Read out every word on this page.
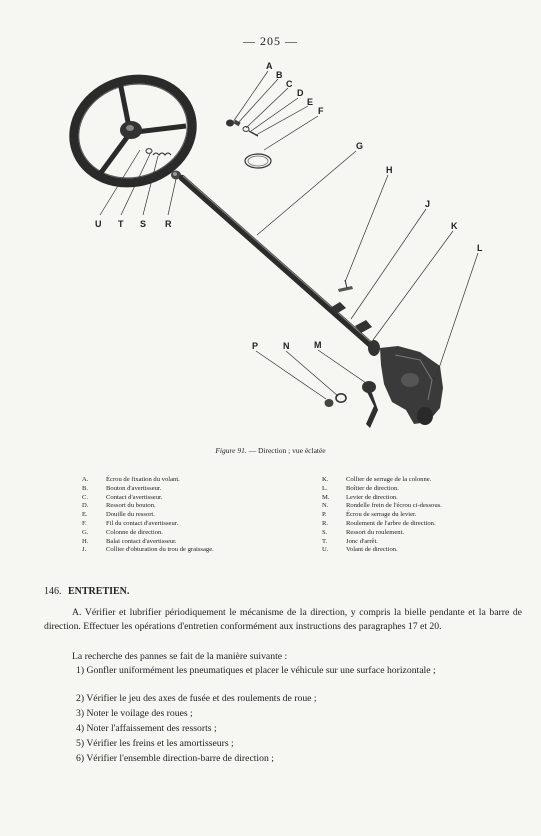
— 205 —
A
B
C
D
E
F
G
H
J
K
L
P	N	M
U T S R
Figure 91. — Direction ; vue éclatée
A.	Écrou de fixation du volant.
B.	Bouton d'avertisseur.
C.	Contact d'avertisseur.
D.	Ressort du bouton.
E.	Douille du ressort.
F.	Fil du contact d'avertisseur.
G.	Colonne de direction.
H.	Balai contact d'avertisseur.
J.	Collier d'obturation du trou de graissage.
K.	Collier de serrage de la colonne.
L.	Boîtier de direction.
M.	Levier de direction.
N.	Rondelle frein de l'écrou ci-dessous.
P.	Écrou de serrage du levier.
R.	Roulement de l'arbre de direction.
S.	Ressort du roulement.
T.	Jonc d'arrêt.
U.	Volant de direction.
146. ENTRETIEN.
A. Vérifier et lubrifier périodiquement le mécanisme de la direction, y compris la bielle pendante et la barre de direction. Effectuer les opérations d'entretien conformément aux instructions des paragraphes 17 et 20.
La recherche des pannes se fait de la manière suivante :
1) Gonfler uniformément les pneumatiques et placer le véhicule sur une surface horizontale ;
2) Vérifier le jeu des axes de fusée et des roulements de roue ;
3) Noter le voilage des roues ;
4) Noter l'affaissement des ressorts ;
5) Vérifier les freins et les amortisseurs ;
6) Vérifier l'ensemble direction-barre de direction ;
